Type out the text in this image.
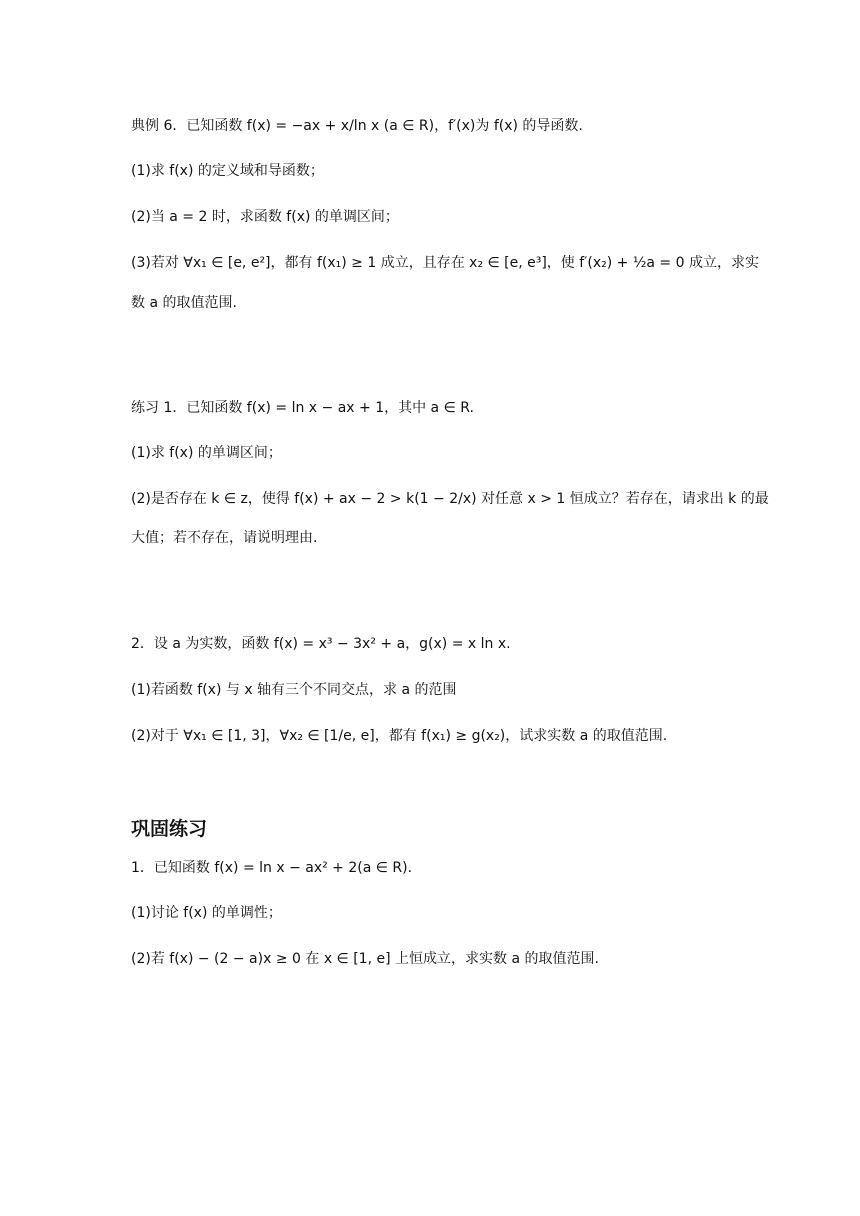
典例 6．已知函数 f(x) = −ax + x/ln x (a ∈ R)，f′(x)为 f(x) 的导函数.
(1)求 f(x) 的定义域和导函数；
(2)当 a = 2 时，求函数 f(x) 的单调区间；
(3)若对 ∀x₁ ∈ [e, e²]，都有 f(x₁) ≥ 1 成立，且存在 x₂ ∈ [e, e³]，使 f′(x₂) + ½a = 0 成立，求实
数 a 的取值范围.
练习 1．已知函数 f(x) = ln x − ax + 1，其中 a ∈ R.
(1)求 f(x) 的单调区间；
(2)是否存在 k ∈ z，使得 f(x) + ax − 2 > k(1 − 2/x) 对任意 x > 1 恒成立？若存在，请求出 k 的最
大值；若不存在，请说明理由.
2．设 a 为实数，函数 f(x) = x³ − 3x² + a，g(x) = x ln x.
(1)若函数 f(x) 与 x 轴有三个不同交点，求 a 的范围
(2)对于 ∀x₁ ∈ [1, 3]，∀x₂ ∈ [1/e, e]，都有 f(x₁) ≥ g(x₂)，试求实数 a 的取值范围.
巩固练习
1．已知函数 f(x) = ln x − ax² + 2(a ∈ R).
(1)讨论 f(x) 的单调性；
(2)若 f(x) − (2 − a)x ≥ 0 在 x ∈ [1, e] 上恒成立，求实数 a 的取值范围.
